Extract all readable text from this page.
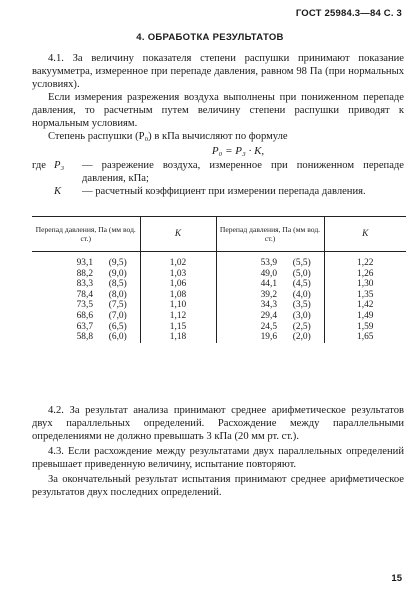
ГОСТ 25984.3—84 С. 3
4. ОБРАБОТКА РЕЗУЛЬТАТОВ

4.1. За величину показателя степени распушки принимают показание вакуумметра, измеренное при перепаде давления, равном 98 Па (при нормальных условиях).

Если измерения разрежения воздуха выполнены при пониженном перепаде давления, то расчетным путем величину степени распушки приводят к нормальным условиям.

Степень распушки (P₀) в кПа вычисляют по формуле

P₀ = P₃ · K,
где P₃	— разрежение воздуха, измеренное при пониженном перепаде давления, кПа;
K	— расчетный коэффициент при измерении перепада давления.
Перепад давления, Па (мм вод. ст.)		K	Перепад давления, Па (мм вод. ст.)		K
93,1	(9,5)	1,02	53,9	(5,5)	1,22
88,2	(9,0)	1,03	49,0	(5,0)	1,26
83,3	(8,5)	1,06	44,1	(4,5)	1,30
78,4	(8,0)	1,08	39,2	(4,0)	1,35
73,5	(7,5)	1,10	34,3	(3,5)	1,42
68,6	(7,0)	1,12	29,4	(3,0)	1,49
63,7	(6,5)	1,15	24,5	(2,5)	1,59
58,8	(6,0)	1,18	19,6	(2,0)	1,65

4.2. За результат анализа принимают среднее арифметическое результатов двух параллельных определений. Расхождение между параллельными определениями не должно превышать 3 кПа (20 мм рт. ст.).

4.3. Если расхождение между результатами двух параллельных определений превышает приведенную величину, испытание повторяют.

За окончательный результат испытания принимают среднее арифметическое результатов двух последних определений.

15
